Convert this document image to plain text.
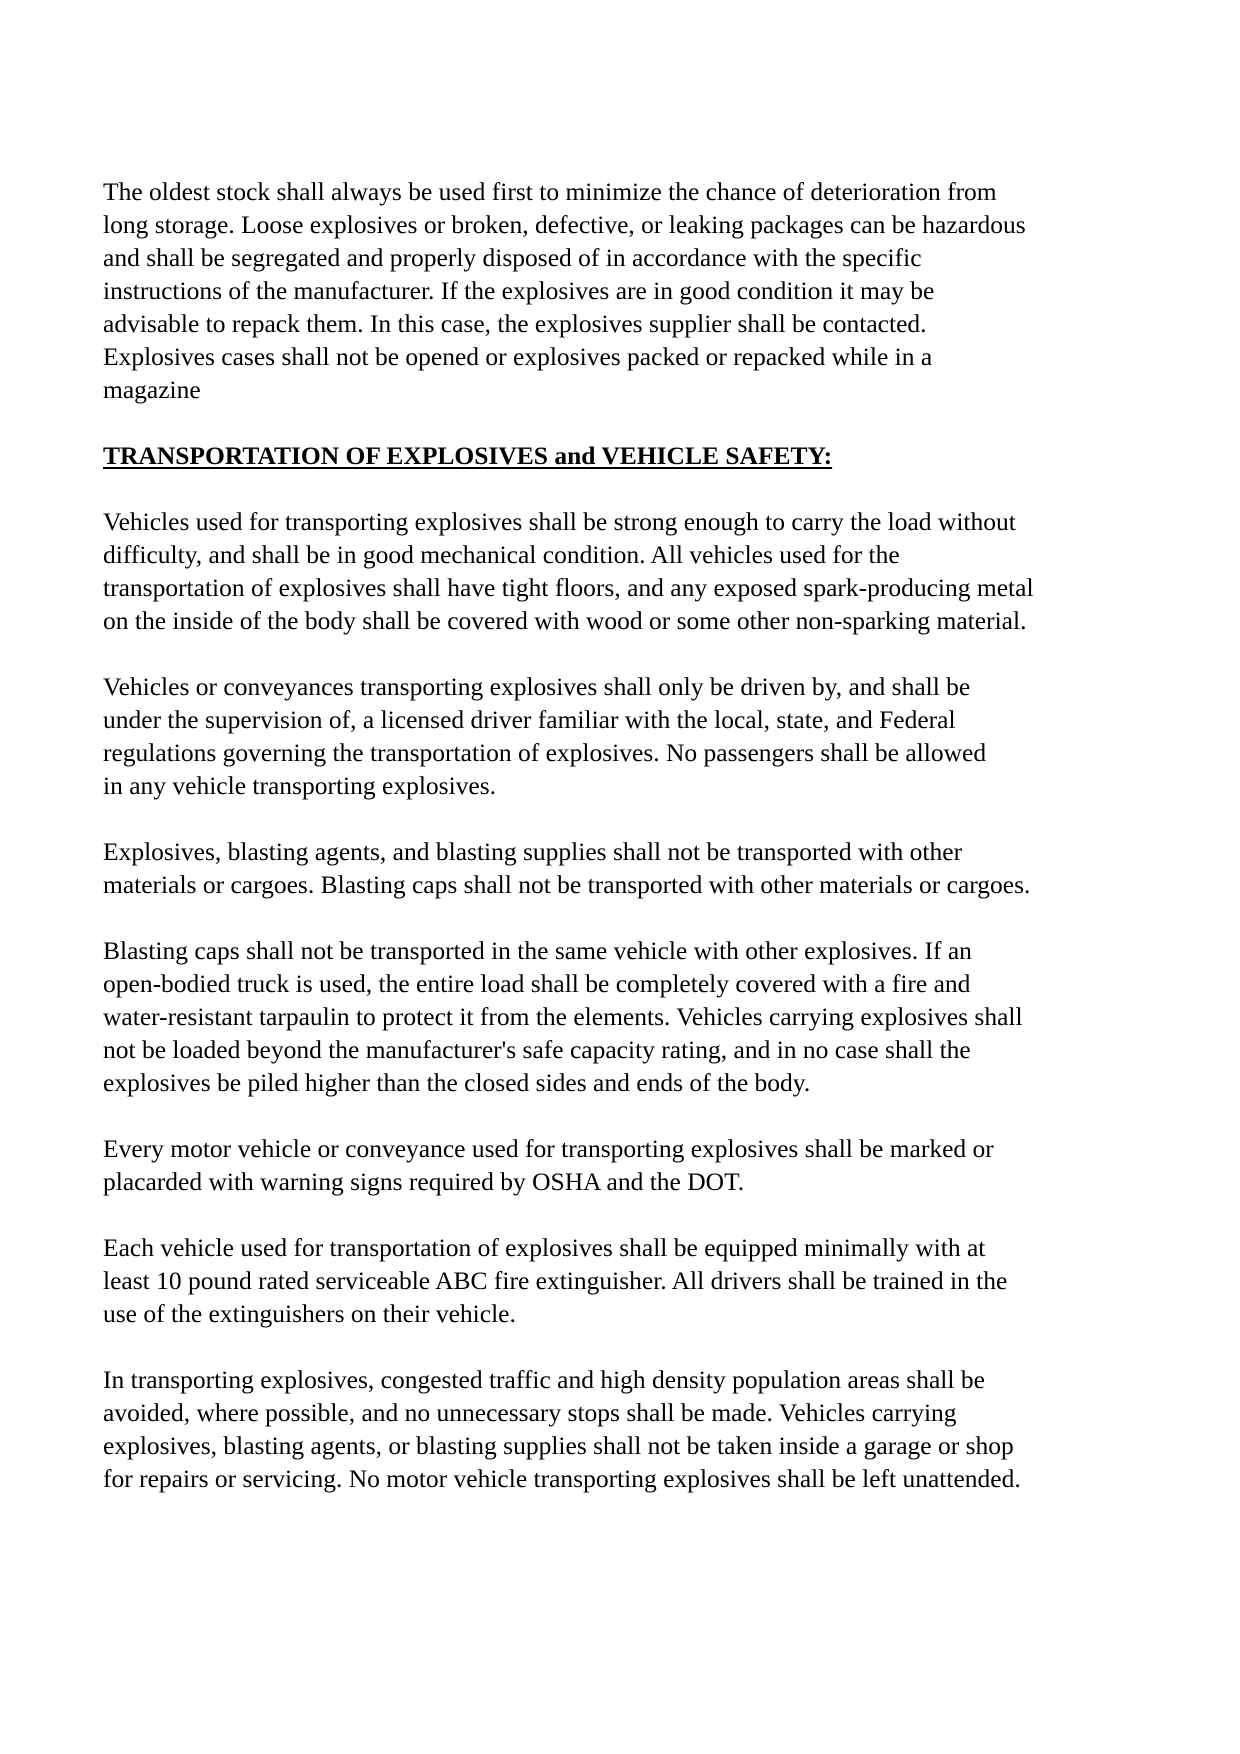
The oldest stock shall always be used first to minimize the chance of deterioration from
long storage. Loose explosives or broken, defective, or leaking packages can be hazardous
and shall be segregated and properly disposed of in accordance with the specific
instructions of the manufacturer. If the explosives are in good condition it may be
advisable to repack them. In this case, the explosives supplier shall be contacted.
Explosives cases shall not be opened or explosives packed or repacked while in a
magazine

TRANSPORTATION OF EXPLOSIVES and VEHICLE SAFETY:

Vehicles used for transporting explosives shall be strong enough to carry the load without
difficulty, and shall be in good mechanical condition. All vehicles used for the
transportation of explosives shall have tight floors, and any exposed spark-producing metal
on the inside of the body shall be covered with wood or some other non-sparking material.

Vehicles or conveyances transporting explosives shall only be driven by, and shall be
under the supervision of, a licensed driver familiar with the local, state, and Federal
regulations governing the transportation of explosives. No passengers shall be allowed
in any vehicle transporting explosives.

Explosives, blasting agents, and blasting supplies shall not be transported with other
materials or cargoes. Blasting caps shall not be transported with other materials or cargoes.

Blasting caps shall not be transported in the same vehicle with other explosives. If an
open-bodied truck is used, the entire load shall be completely covered with a fire and
water-resistant tarpaulin to protect it from the elements. Vehicles carrying explosives shall
not be loaded beyond the manufacturer's safe capacity rating, and in no case shall the
explosives be piled higher than the closed sides and ends of the body.

Every motor vehicle or conveyance used for transporting explosives shall be marked or
placarded with warning signs required by OSHA and the DOT.

Each vehicle used for transportation of explosives shall be equipped minimally with at
least 10 pound rated serviceable ABC fire extinguisher. All drivers shall be trained in the
use of the extinguishers on their vehicle.

In transporting explosives, congested traffic and high density population areas shall be
avoided, where possible, and no unnecessary stops shall be made. Vehicles carrying
explosives, blasting agents, or blasting supplies shall not be taken inside a garage or shop
for repairs or servicing. No motor vehicle transporting explosives shall be left unattended.
